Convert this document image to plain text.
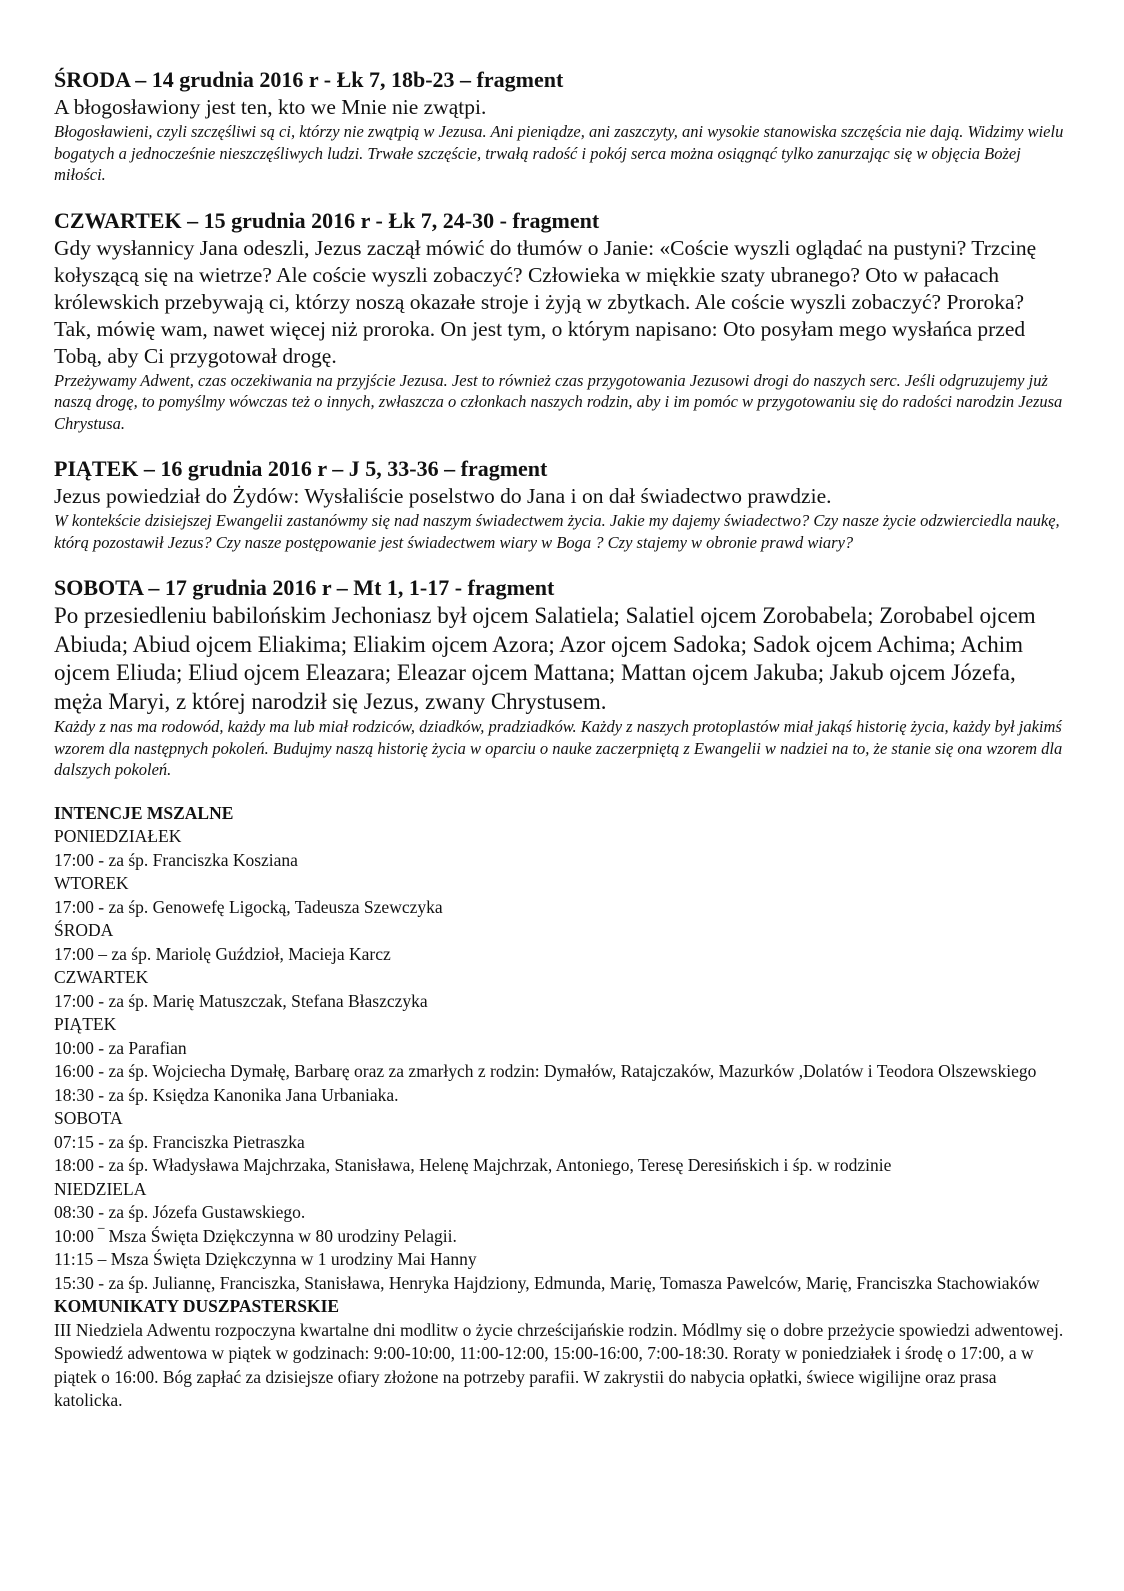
ŚRODA – 14 grudnia 2016 r - Łk 7, 18b-23 – fragment

A błogosławiony jest ten, kto we Mnie nie zwątpi.

Błogosławieni, czyli szczęśliwi są ci, którzy nie zwątpią w Jezusa. Ani pieniądze, ani zaszczyty, ani wysokie stanowiska szczęścia nie dają. Widzimy wielu bogatych a jednocześnie nieszczęśliwych ludzi. Trwałe szczęście, trwałą radość i pokój serca można osiągnąć tylko zanurzając się w objęcia Bożej miłości.

CZWARTEK – 15 grudnia 2016 r - Łk 7, 24-30 - fragment

Gdy wysłannicy Jana odeszli, Jezus zaczął mówić do tłumów o Janie: «Coście wyszli oglądać na pustyni? Trzcinę kołyszącą się na wietrze? Ale coście wyszli zobaczyć? Człowieka w miękkie szaty ubranego? Oto w pałacach królewskich przebywają ci, którzy noszą okazałe stroje i żyją w zbytkach. Ale coście wyszli zobaczyć? Proroka? Tak, mówię wam, nawet więcej niż proroka. On jest tym, o którym napisano: Oto posyłam mego wysłańca przed Tobą, aby Ci przygotował drogę.

Przeżywamy Adwent, czas oczekiwania na przyjście Jezusa. Jest to również czas przygotowania Jezusowi drogi do naszych serc. Jeśli odgruzujemy już naszą drogę, to pomyślmy wówczas też o innych, zwłaszcza o członkach naszych rodzin, aby i im pomóc w przygotowaniu się do radości narodzin Jezusa Chrystusa.

PIĄTEK – 16 grudnia 2016 r – J 5, 33-36 – fragment

Jezus powiedział do Żydów: Wysłaliście poselstwo do Jana i on dał świadectwo prawdzie.

W kontekście dzisiejszej Ewangelii zastanówmy się nad naszym świadectwem życia. Jakie my dajemy świadectwo? Czy nasze życie odzwierciedla naukę, którą pozostawił Jezus? Czy nasze postępowanie jest świadectwem wiary w Boga ? Czy stajemy w obronie prawd wiary?

SOBOTA – 17 grudnia 2016 r – Mt 1, 1-17 - fragment

Po przesiedleniu babilońskim Jechoniasz był ojcem Salatiela; Salatiel ojcem Zorobabela; Zorobabel ojcem Abiuda; Abiud ojcem Eliakima; Eliakim ojcem Azora; Azor ojcem Sadoka; Sadok ojcem Achima; Achim ojcem Eliuda; Eliud ojcem Eleazara; Eleazar ojcem Mattana; Mattan ojcem Jakuba; Jakub ojcem Józefa, męża Maryi, z której narodził się Jezus, zwany Chrystusem.

Każdy z nas ma rodowód, każdy ma lub miał rodziców, dziadków, pradziadków. Każdy z naszych protoplastów miał jakąś historię życia, każdy był jakimś wzorem dla następnych pokoleń. Budujmy naszą historię życia w oparciu o nauke zaczerpniętą z Ewangelii w nadziei na to, że stanie się ona wzorem dla dalszych pokoleń.

INTENCJE MSZALNE

PONIEDZIAŁEK

17:00 - za śp. Franciszka Kosziana

WTOREK

17:00 - za śp. Genowefę Ligocką, Tadeusza Szewczyka

ŚRODA

17:00 – za śp. Mariolę Guździoł, Macieja Karcz

CZWARTEK

17:00 - za śp. Marię Matuszczak, Stefana Błaszczyka

PIĄTEK

10:00 - za Parafian

16:00 - za śp. Wojciecha Dymałę, Barbarę oraz za zmarłych z rodzin: Dymałów, Ratajczaków, Mazurków ,Dolatów i Teodora Olszewskiego

18:30 - za śp. Księdza Kanonika Jana Urbaniaka.

SOBOTA

07:15 - za śp. Franciszka Pietraszka

18:00 - za śp. Władysława Majchrzaka, Stanisława, Helenę Majchrzak, Antoniego, Teresę Deresińskich i śp. w rodzinie

NIEDZIELA

08:30 - za śp. Józefa Gustawskiego.

10:00 ‾ Msza Święta Dziękczynna w 80 urodziny Pelagii.

11:15 – Msza Święta Dziękczynna w 1 urodziny Mai Hanny

15:30 - za śp. Juliannę, Franciszka, Stanisława, Henryka Hajdziony, Edmunda, Marię, Tomasza Pawelców, Marię, Franciszka Stachowiaków

KOMUNIKATY DUSZPASTERSKIE

III Niedziela Adwentu rozpoczyna kwartalne dni modlitw o życie chrześcijańskie rodzin. Módlmy się o dobre przeżycie spowiedzi adwentowej. Spowiedź adwentowa w piątek w godzinach: 9:00-10:00, 11:00-12:00, 15:00-16:00, 7:00-18:30. Roraty w poniedziałek i środę o 17:00, a w piątek o 16:00. Bóg zapłać za dzisiejsze ofiary złożone na potrzeby parafii. W zakrystii do nabycia opłatki, świece wigilijne oraz prasa katolicka.
